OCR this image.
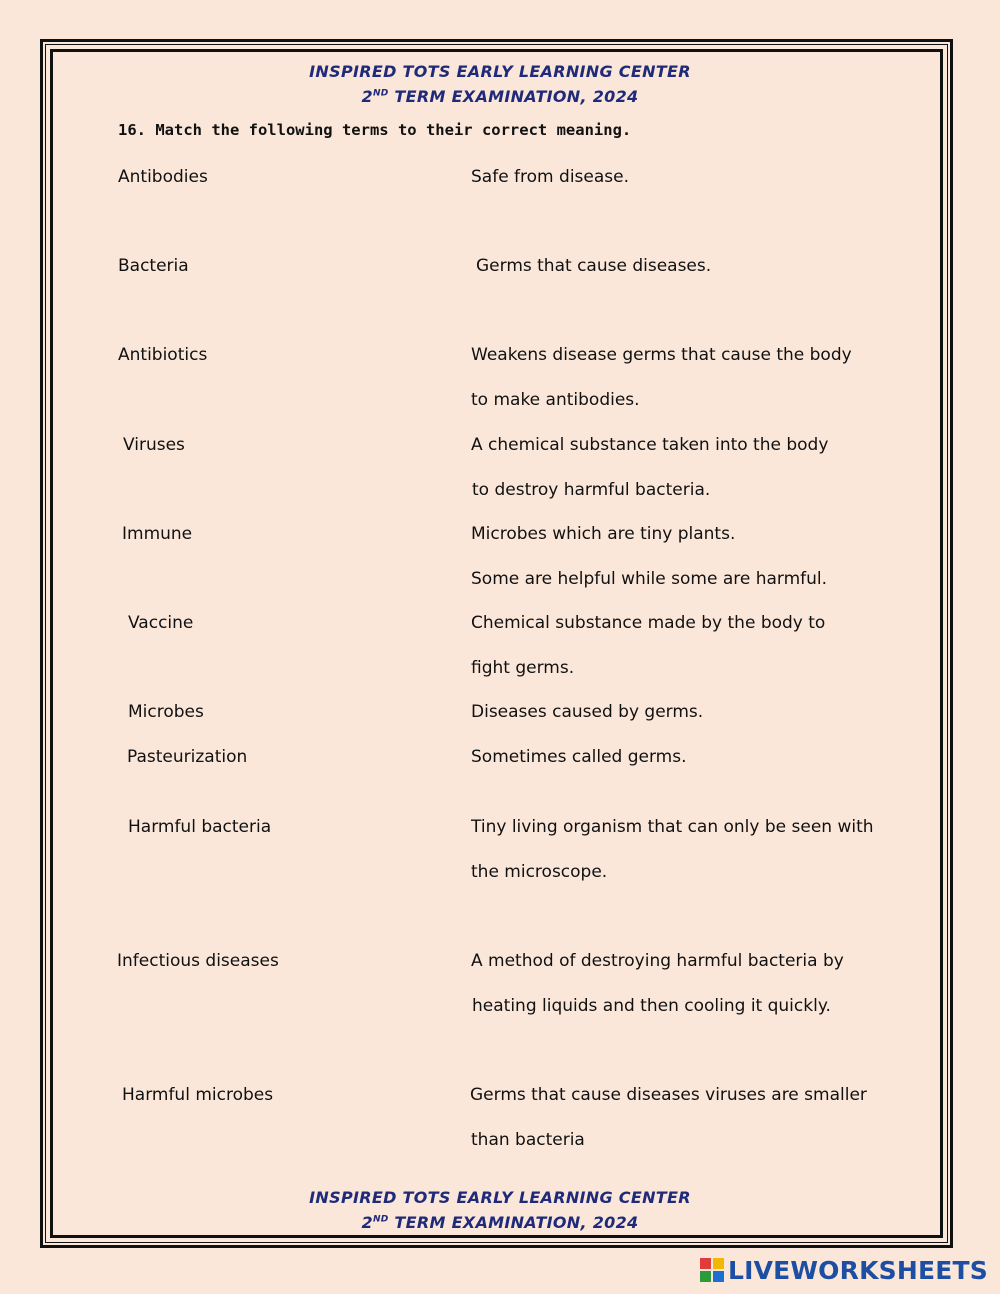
INSPIRED TOTS EARLY LEARNING CENTER
2ND TERM EXAMINATION, 2024
16. Match the following terms to their correct meaning.
Antibodies
Bacteria
Antibiotics
Viruses
Immune
Vaccine
Microbes
Pasteurization
Harmful bacteria
Infectious diseases
Harmful microbes
Safe from disease.
Germs that cause diseases.
Weakens disease germs that cause the body
to make antibodies.
A chemical substance taken into the body
to destroy harmful bacteria.
Microbes which are tiny plants.
Some are helpful while some are harmful.
Chemical substance made by the body to
fight germs.
Diseases caused by germs.
Sometimes called germs.
Tiny living organism that can only be seen with
the microscope.
A method of destroying harmful bacteria by
heating liquids and then cooling it quickly.
Germs that cause diseases viruses are smaller
than bacteria
INSPIRED TOTS EARLY LEARNING CENTER
2ND TERM EXAMINATION, 2024
LIVEWORKSHEETS
